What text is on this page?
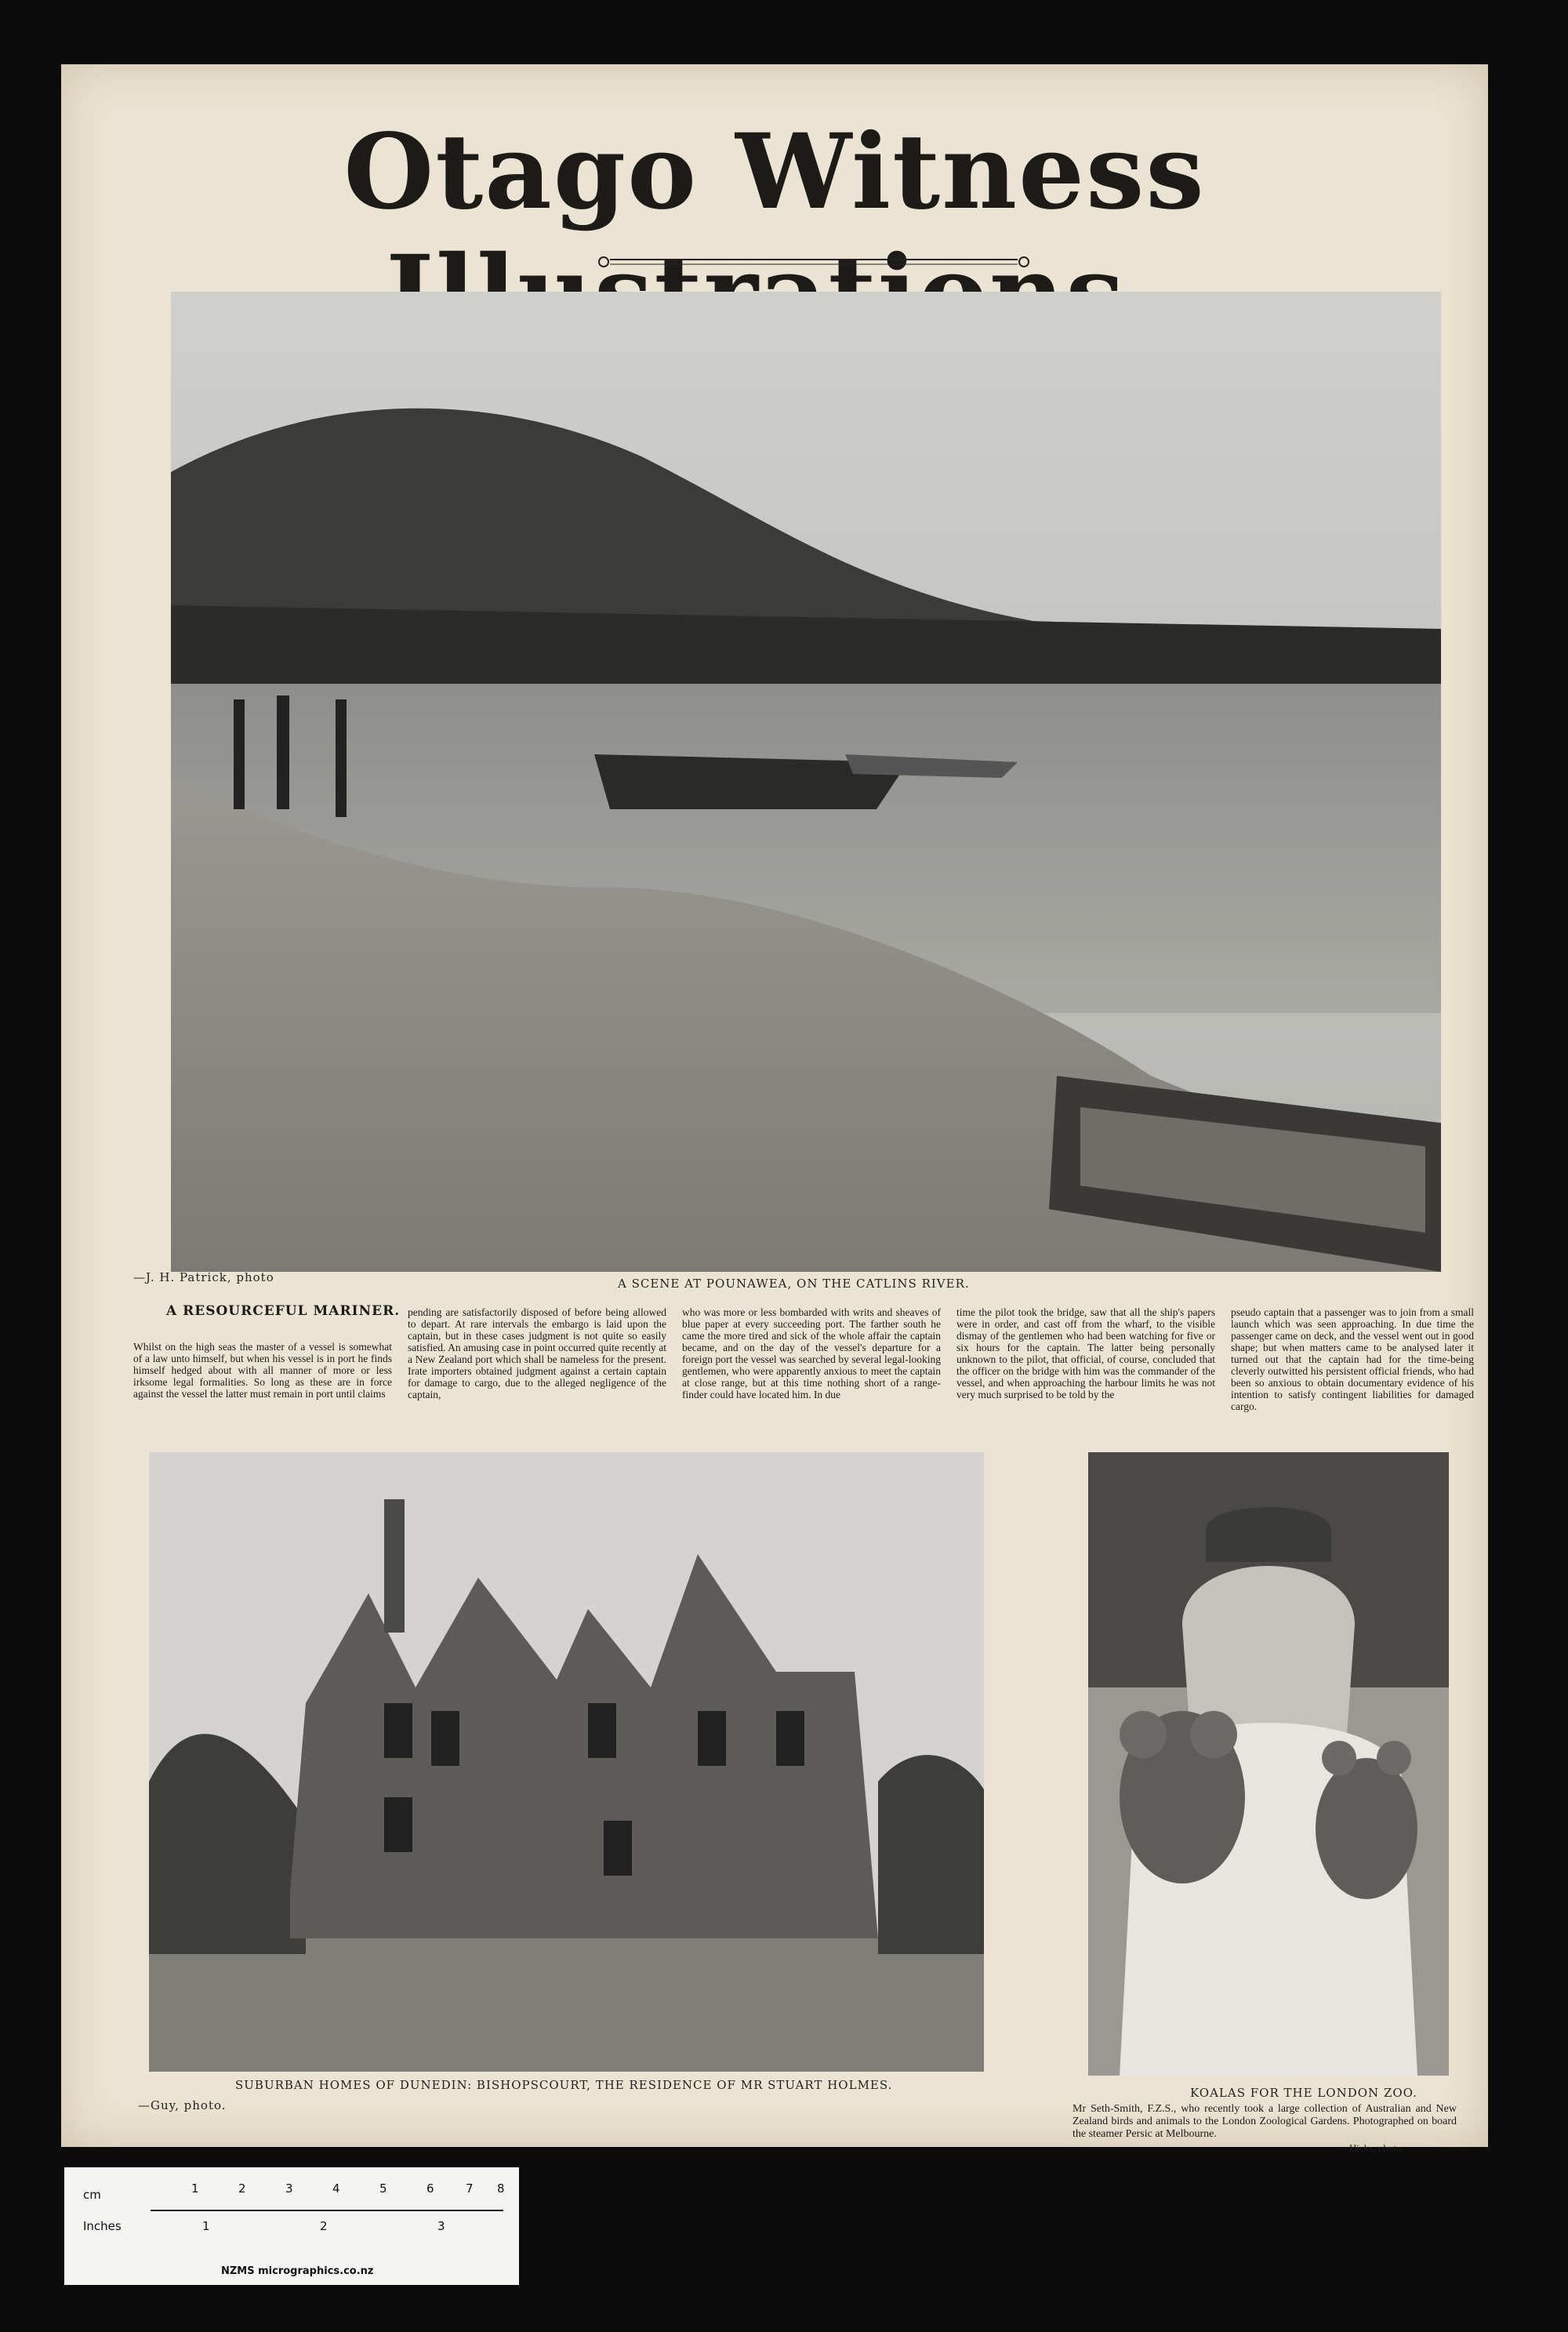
Otago Witness
—J. H. Patrick, photo	A SCENE AT POUNAWEA, ON THE CATLINS RIVER.
A RESOURCEFUL MARINER.
Whilst on the high seas the master of a vessel is somewhat of a law unto himself, but when his vessel is in port he finds himself hedged about with all manner of more or less irksome legal formalities. So long as these are in force against the vessel the latter must remain in port until claims
pending are satisfactorily disposed of before being allowed to depart. At rare intervals the embargo is laid upon the captain, but in these cases judgment is not quite so easily satisfied. An amusing case in point occurred quite recently at a New Zealand port which shall be nameless for the present. Irate importers obtained judgment against a certain captain for damage to cargo, due to the alleged negligence of the captain,
who was more or less bombarded with writs and sheaves of blue paper at every succeeding port. The farther south he came the more tired and sick of the whole affair the captain became, and on the day of the vessel's departure for a foreign port the vessel was searched by several legal-looking gentlemen, who were apparently anxious to meet the captain at close range, but at this time nothing short of a range-finder could have located him. In due
time the pilot took the bridge, saw that all the ship's papers were in order, and cast off from the wharf, to the visible dismay of the gentlemen who had been watching for five or six hours for the captain. The latter being personally unknown to the pilot, that official, of course, concluded that the officer on the bridge with him was the commander of the vessel, and when approaching the harbour limits he was not very much surprised to be told by the
pseudo captain that a passenger was to join from a small launch which was seen approaching. In due time the passenger came on deck, and the vessel went out in good shape; but when matters came to be analysed later it turned out that the captain had for the time-being cleverly outwitted his persistent official friends, who had been so anxious to obtain documentary evidence of his intention to satisfy contingent liabilities for damaged cargo.
SUBURBAN HOMES OF DUNEDIN: BISHOPSCOURT, THE RESIDENCE OF MR STUART HOLMES.
—Guy, photo.
KOALAS FOR THE LONDON ZOO.
Mr Seth-Smith, F.Z.S., who recently took a large collection of Australian and New Zealand birds and animals to the London Zoological Gardens. Photographed on board the steamer Persic at Melbourne.
—Hicks, photo.
cm
Inches
1	2	3	4	5	6	7 8
1	2	3
NZMS micrographics.co.nz
